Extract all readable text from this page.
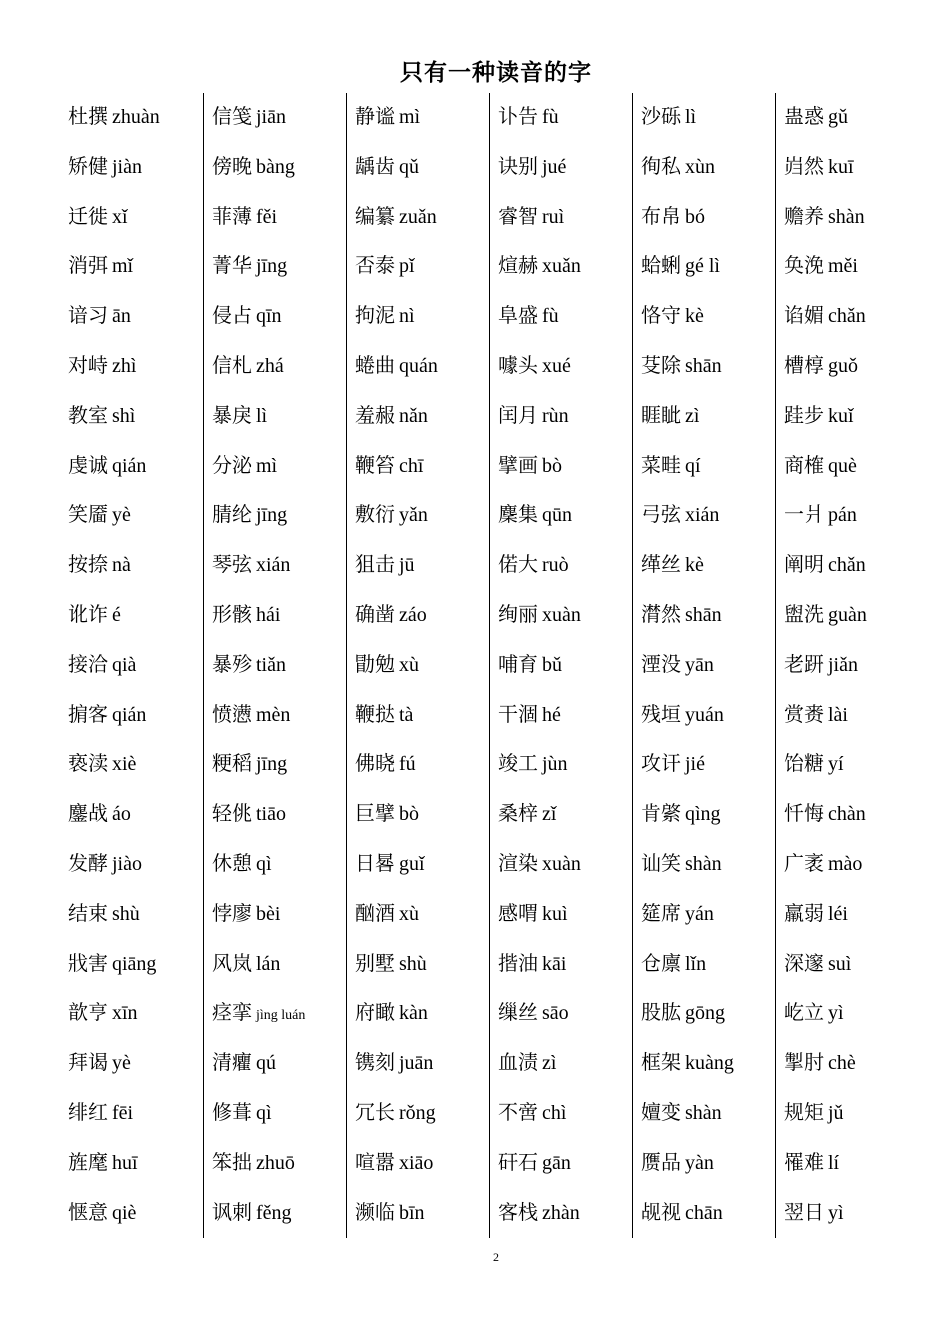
只有一种读音的字
杜撰 zhuàn
矫健 jiàn
迁徙 xǐ
消弭 mǐ
谙习 ān
对峙 zhì
教室 shì
虔诚 qián
笑靥 yè
按捺 nà
讹诈 é
接洽 qià
掮客 qián
亵渎 xiè
鏖战 áo
发酵 jiào
结束 shù
戕害 qiāng
歆亨 xīn
拜谒 yè
绯红 fēi
旌麾 huī
惬意 qiè
信笺 jiān
傍晚 bàng
菲薄 fěi
菁华 jīng
侵占 qīn
信札 zhá
暴戾 lì
分泌 mì
腈纶 jīng
琴弦 xián
形骸 hái
暴殄 tiǎn
愤懑 mèn
粳稻 jīng
轻佻 tiāo
休憩 qì
悖廖 bèi
风岚 lán
痉挛 jìng luán
清癯 qú
修葺 qì
笨拙 zhuō
讽刺 fěng
静谧 mì
龋齿 qǔ
编纂 zuǎn
否泰 pǐ
拘泥 nì
蜷曲 quán
羞赧 nǎn
鞭笞 chī
敷衍 yǎn
狙击 jū
确凿 záo
勖勉 xù
鞭挞 tà
佛晓 fú
巨擘 bò
日晷 guǐ
酗酒 xù
别墅 shù
府瞰 kàn
镌刻 juān
冗长 rǒng
喧嚣 xiāo
濒临 bīn
讣告 fù
诀别 jué
睿智 ruì
煊赫 xuǎn
阜盛 fù
噱头 xué
闰月 rùn
擘画 bò
麇集 qūn
偌大 ruò
绚丽 xuàn
哺育 bǔ
干涸 hé
竣工 jùn
桑梓 zǐ
渲染 xuàn
感喟 kuì
揩油 kāi
缫丝 sāo
血渍 zì
不啻 chì
矸石 gān
客栈 zhàn
沙砾 lì
徇私 xùn
布帛 bó
蛤蜊 gé lì
恪守 kè
芟除 shān
睚眦 zì
菜畦 qí
弓弦 xián
缂丝 kè
潸然 shān
湮没 yān
残垣 yuán
攻讦 jié
肯綮 qìng
讪笑 shàn
筵席 yán
仓廪 lǐn
股肱 gōng
框架 kuàng
嬗变 shàn
赝品 yàn
觇视 chān
蛊惑 gǔ
岿然 kuī
赡养 shàn
奂浼 měi
谄媚 chǎn
槽椁 guǒ
跬步 kuǐ
商榷 què
一爿 pán
阐明 chǎn
盥洗 guàn
老趼 jiǎn
赏赉 lài
饴糖 yí
忏悔 chàn
广袤 mào
羸弱 léi
深邃 suì
屹立 yì
掣肘 chè
规矩 jǔ
罹难 lí
翌日 yì
2
